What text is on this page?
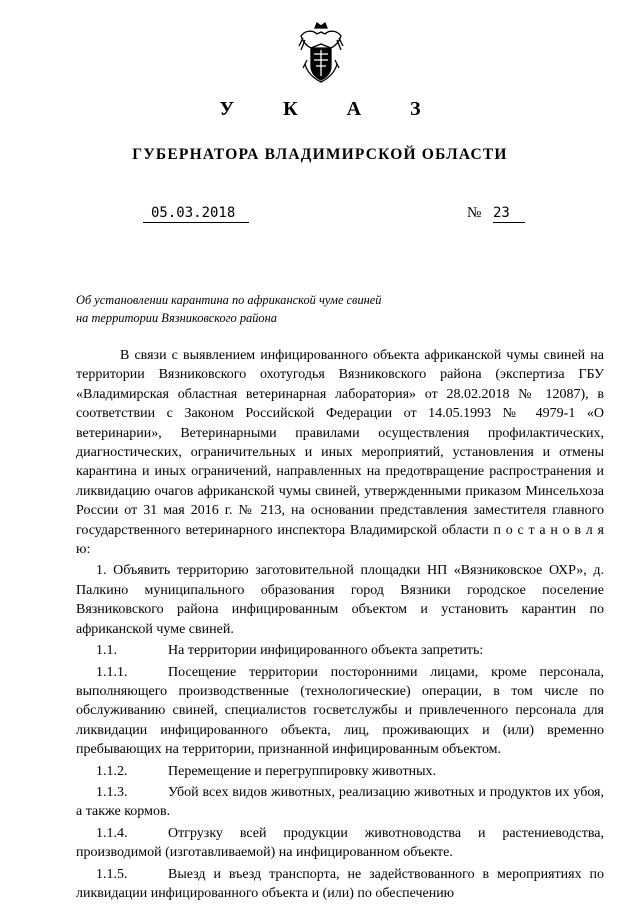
У К А З
ГУБЕРНАТОРА ВЛАДИМИРСКОЙ ОБЛАСТИ
05.03.2018	№ 23
Об установлении карантина по африканской чуме свиней на территории Вязниковского района

В связи с выявлением инфицированного объекта африканской чумы свиней на территории Вязниковского охотугодья Вязниковского района (экспертиза ГБУ «Владимирская областная ветеринарная лаборатория» от 28.02.2018 № 12087), в соответствии с Законом Российской Федерации от 14.05.1993 № 4979-1 «О ветеринарии», Ветеринарными правилами осуществления профилактических, диагностических, ограничительных и иных мероприятий, установления и отмены карантина и иных ограничений, направленных на предотвращение распространения и ликвидацию очагов африканской чумы свиней, утвержденными приказом Минсельхоза России от 31 мая 2016 г. № 213, на основании представления заместителя главного государственного ветеринарного инспектора Владимирской области п о с т а н о в л я ю:

1. Объявить территорию заготовительной площадки НП «Вязниковское ОХР», д. Палкино муниципального образования город Вязники городское поселение Вязниковского района инфицированным объектом и установить карантин по африканской чуме свиней.

1.1.	На территории инфицированного объекта запретить:

1.1.1.	Посещение территории посторонними лицами, кроме персонала, выполняющего производственные (технологические) операции, в том числе по обслуживанию свиней, специалистов госветслужбы и привлеченного персонала для ликвидации инфицированного объекта, лиц, проживающих и (или) временно пребывающих на территории, признанной инфицированным объектом.

1.1.2.	Перемещение и перегруппировку животных.

1.1.3.	Убой всех видов животных, реализацию животных и продуктов их убоя, а также кормов.

1.1.4.	Отгрузку всей продукции животноводства и растениеводства, производимой (изготавливаемой) на инфицированном объекте.

1.1.5.	Выезд и въезд транспорта, не задействованного в мероприятиях по ликвидации инфицированного объекта и (или) по обеспечению
